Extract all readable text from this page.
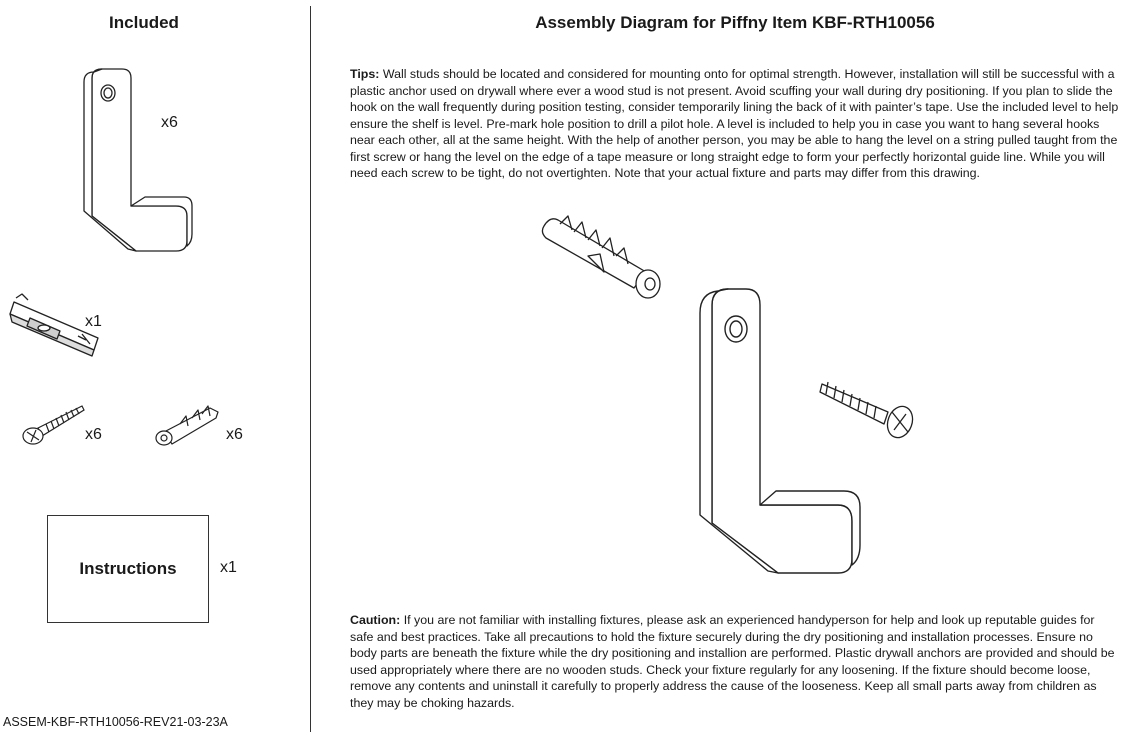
Included
x6
x1
x6	x6
Instructions	x1
ASSEM-KBF-RTH10056-REV21-03-23A
Assembly Diagram for Piffny Item KBF-RTH10056
Tips: Wall studs should be located and considered for mounting onto for optimal strength. However, installation will still be successful with a plastic anchor used on drywall where ever a wood stud is not present. Avoid scuffing your wall during dry positioning. If you plan to slide the hook on the wall frequently during position testing, consider temporarily lining the back of it with painter’s tape. Use the included level to help ensure the shelf is level. Pre-mark hole position to drill a pilot hole. A level is included to help you in case you want to hang several hooks near each other, all at the same height. With the help of another person, you may be able to hang the level on a string pulled taught from the first screw or hang the level on the edge of a tape measure or long straight edge to form your perfectly horizontal guide line. While you will need each screw to be tight, do not overtighten. Note that your actual fixture and parts may differ from this drawing.
Caution: If you are not familiar with installing fixtures, please ask an experienced handyperson for help and look up reputable guides for safe and best practices. Take all precautions to hold the fixture securely during the dry positioning and installation processes. Ensure no body parts are beneath the fixture while the dry positioning and installion are performed. Plastic drywall anchors are provided and should be used appropriately where there are no wooden studs. Check your fixture regularly for any loosening. If the fixture should become loose, remove any contents and uninstall it carefully to properly address the cause of the looseness. Keep all small parts away from children as they may be choking hazards.
